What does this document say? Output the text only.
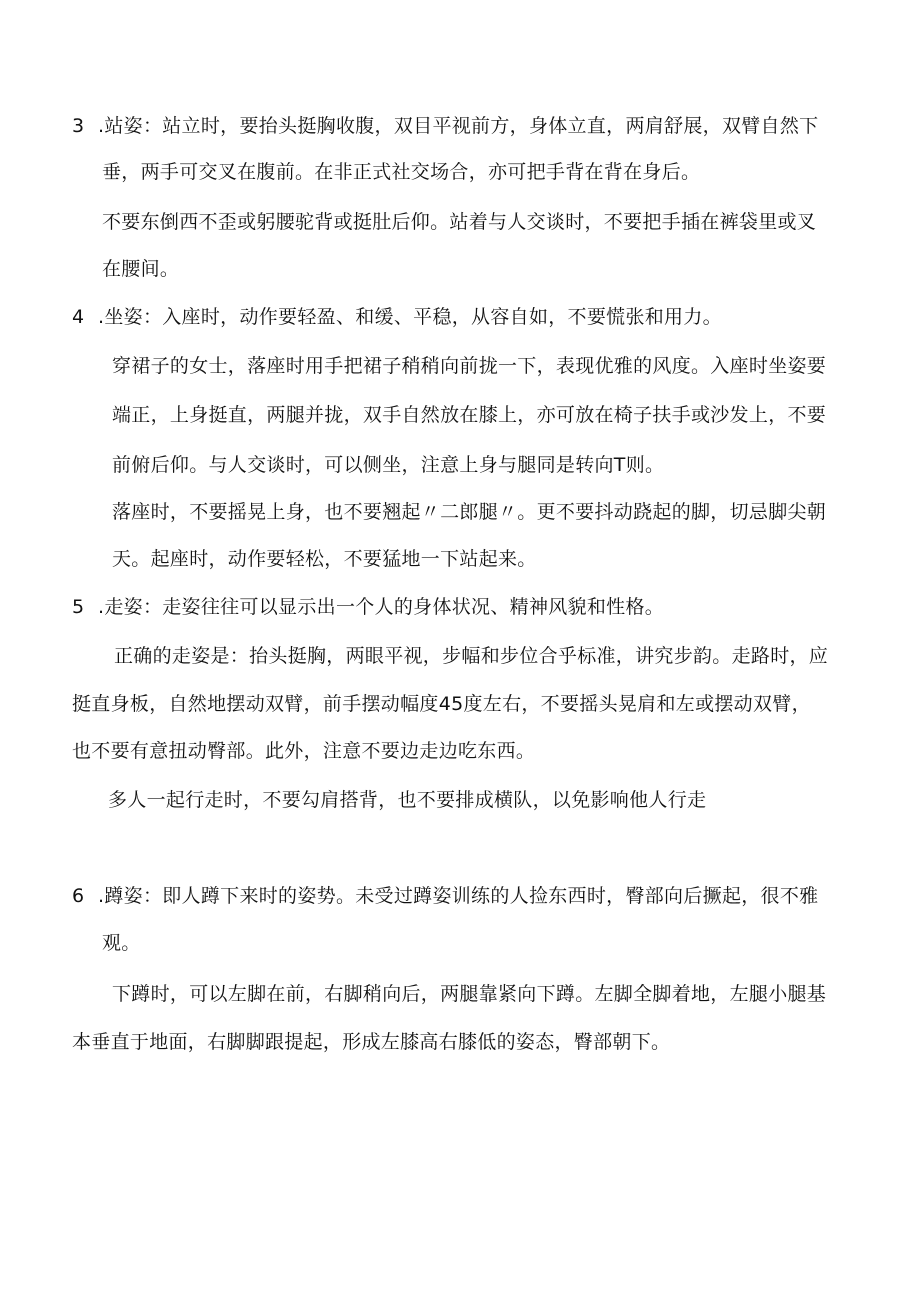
3 .站姿：站立时，要抬头挺胸收腹，双目平视前方，身体立直，两肩舒展，双臂自然下
垂，两手可交叉在腹前。在非正式社交场合，亦可把手背在背在身后。
不要东倒西不歪或躬腰驼背或挺肚后仰。站着与人交谈时，不要把手插在裤袋里或叉
在腰间。
4 .坐姿：入座时，动作要轻盈、和缓、平稳，从容自如，不要慌张和用力。
穿裙子的女士，落座时用手把裙子稍稍向前拢一下，表现优雅的风度。入座时坐姿要
端正，上身挺直，两腿并拢，双手自然放在膝上，亦可放在椅子扶手或沙发上，不要
前俯后仰。与人交谈时，可以侧坐，注意上身与腿同是转向T则。
落座时，不要摇晃上身，也不要翘起〃二郎腿〃。更不要抖动跷起的脚，切忌脚尖朝
天。起座时，动作要轻松，不要猛地一下站起来。
5 .走姿：走姿往往可以显示出一个人的身体状况、精神风貌和性格。
正确的走姿是：抬头挺胸，两眼平视，步幅和步位合乎标准，讲究步韵。走路时，应
挺直身板，自然地摆动双臂，前手摆动幅度45度左右，不要摇头晃肩和左或摆动双臂，
也不要有意扭动臀部。此外，注意不要边走边吃东西。
多人一起行走时，不要勾肩搭背，也不要排成横队，以免影响他人行走
6 .蹲姿：即人蹲下来时的姿势。未受过蹲姿训练的人捡东西时，臀部向后撅起，很不雅
观。
下蹲时，可以左脚在前，右脚稍向后，两腿靠紧向下蹲。左脚全脚着地，左腿小腿基
本垂直于地面，右脚脚跟提起，形成左膝高右膝低的姿态，臀部朝下。
